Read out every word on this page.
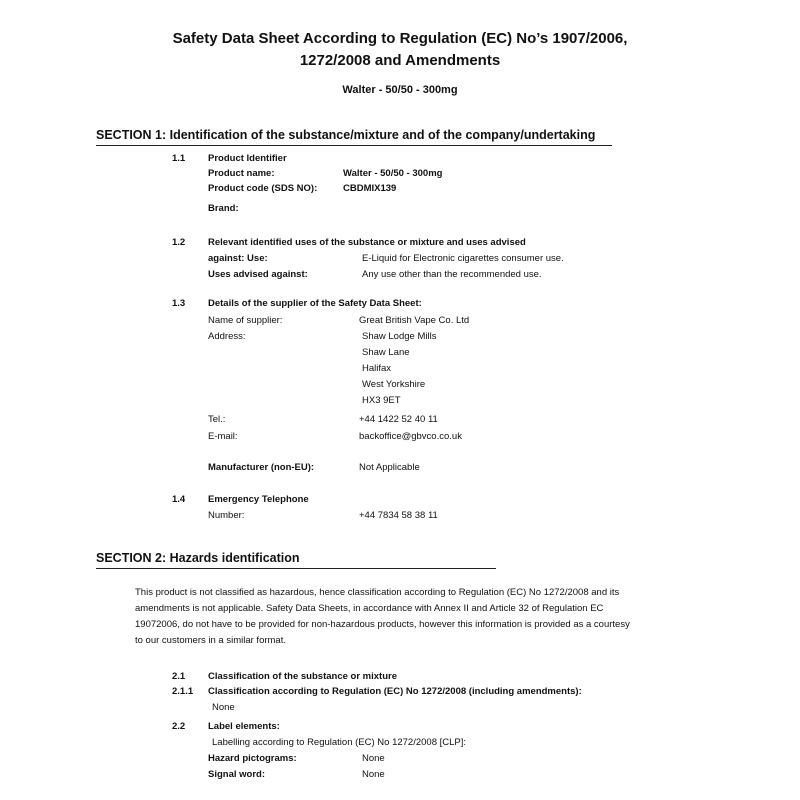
Safety Data Sheet According to Regulation (EC) No’s 1907/2006,
1272/2008 and Amendments
Walter - 50/50 - 300mg
SECTION 1: Identification of the substance/mixture and of the company/undertaking
1.1 Product Identifier
Product name:	Walter - 50/50 - 300mg
Product code (SDS NO):	CBDMIX139
Brand:
1.2 Relevant identified uses of the substance or mixture and uses advised
against: Use:	E-Liquid for Electronic cigarettes consumer use.
Uses advised against:	Any use other than the recommended use.
1.3 Details of the supplier of the Safety Data Sheet:
Name of supplier:	Great British Vape Co. Ltd
Address:	Shaw Lodge Mills
Shaw Lane
Halifax
West Yorkshire
HX3 9ET
Tel.:	+44 1422 52 40 11
E-mail:	backoffice@gbvco.co.uk
Manufacturer (non-EU):	Not Applicable
1.4 Emergency Telephone
Number:	+44 7834 58 38 11
SECTION 2: Hazards identification
This product is not classified as hazardous, hence classification according to Regulation (EC) No 1272/2008 and its amendments is not applicable. Safety Data Sheets, in accordance with Annex II and Article 32 of Regulation EC 19072006, do not have to be provided for non-hazardous products, however this information is provided as a courtesy to our customers in a similar format.
2.1 Classification of the substance or mixture
2.1.1 Classification according to Regulation (EC) No 1272/2008 (including amendments):
None
2.2 Label elements:
Labelling according to Regulation (EC) No 1272/2008 [CLP]:
Hazard pictograms:	None
Signal word:	None
